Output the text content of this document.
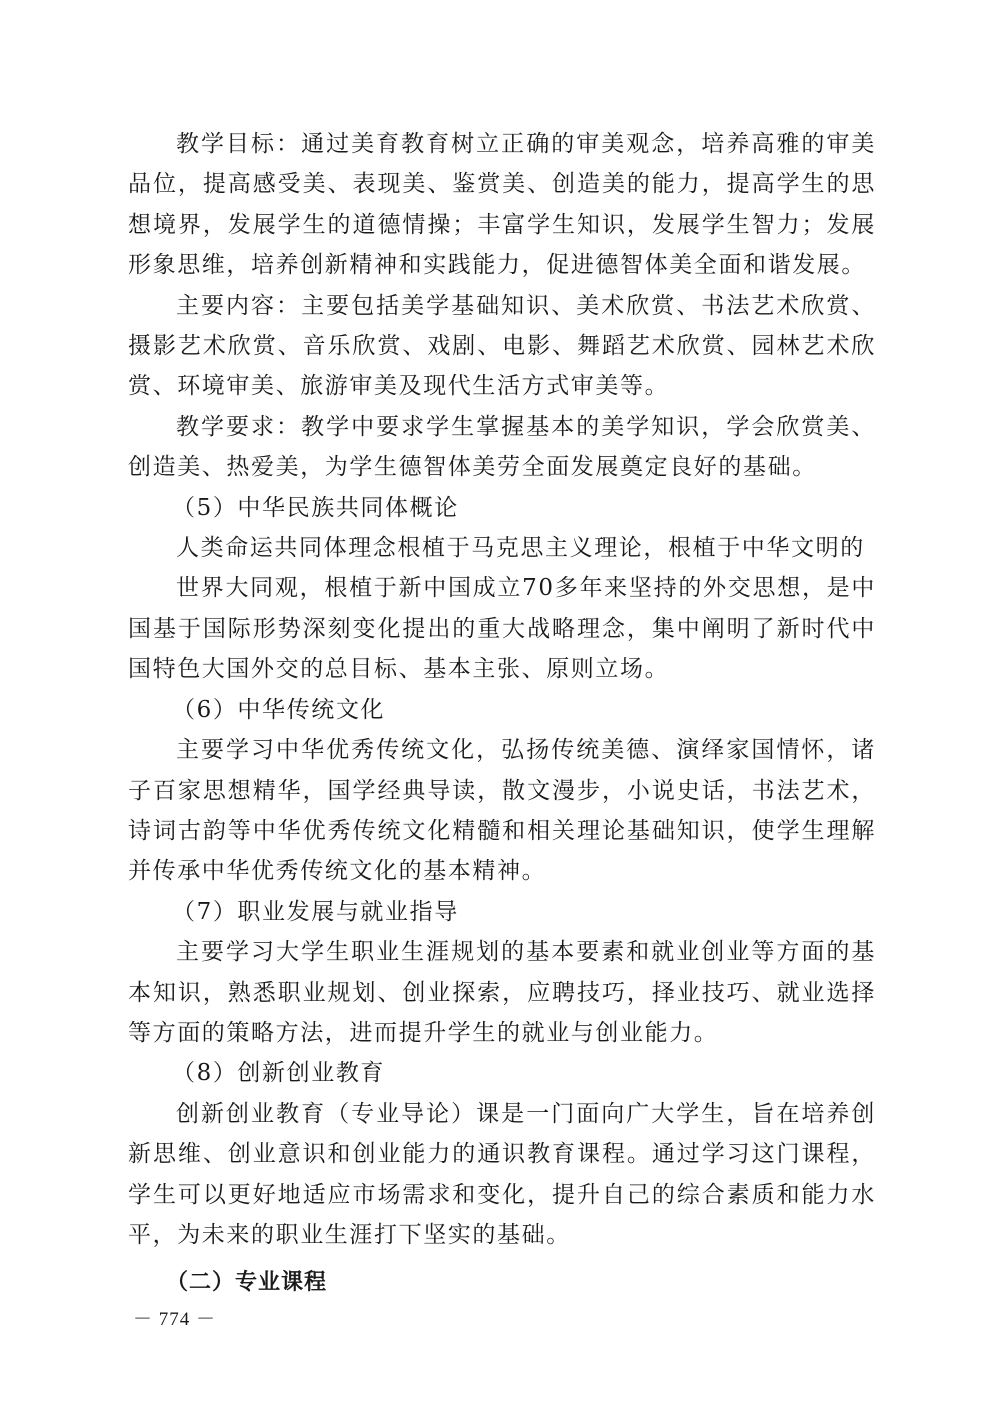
教学目标：通过美育教育树立正确的审美观念，培养高雅的审美品位，提高感受美、表现美、鉴赏美、创造美的能力，提高学生的思想境界，发展学生的道德情操；丰富学生知识，发展学生智力；发展形象思维，培养创新精神和实践能力，促进德智体美全面和谐发展。

主要内容：主要包括美学基础知识、美术欣赏、书法艺术欣赏、摄影艺术欣赏、音乐欣赏、戏剧、电影、舞蹈艺术欣赏、园林艺术欣赏、环境审美、旅游审美及现代生活方式审美等。

教学要求：教学中要求学生掌握基本的美学知识，学会欣赏美、创造美、热爱美，为学生德智体美劳全面发展奠定良好的基础。

（5）中华民族共同体概论

人类命运共同体理念根植于马克思主义理论，根植于中华文明的

世界大同观，根植于新中国成立70多年来坚持的外交思想，是中国基于国际形势深刻变化提出的重大战略理念，集中阐明了新时代中国特色大国外交的总目标、基本主张、原则立场。

（6）中华传统文化

主要学习中华优秀传统文化，弘扬传统美德、演绎家国情怀，诸子百家思想精华，国学经典导读，散文漫步，小说史话，书法艺术，诗词古韵等中华优秀传统文化精髓和相关理论基础知识，使学生理解并传承中华优秀传统文化的基本精神。

（7）职业发展与就业指导

主要学习大学生职业生涯规划的基本要素和就业创业等方面的基本知识，熟悉职业规划、创业探索，应聘技巧，择业技巧、就业选择等方面的策略方法，进而提升学生的就业与创业能力。

（8）创新创业教育

创新创业教育（专业导论）课是一门面向广大学生，旨在培养创新思维、创业意识和创业能力的通识教育课程。通过学习这门课程，学生可以更好地适应市场需求和变化，提升自己的综合素质和能力水平，为未来的职业生涯打下坚实的基础。

（二）专业课程

－ 774 －
